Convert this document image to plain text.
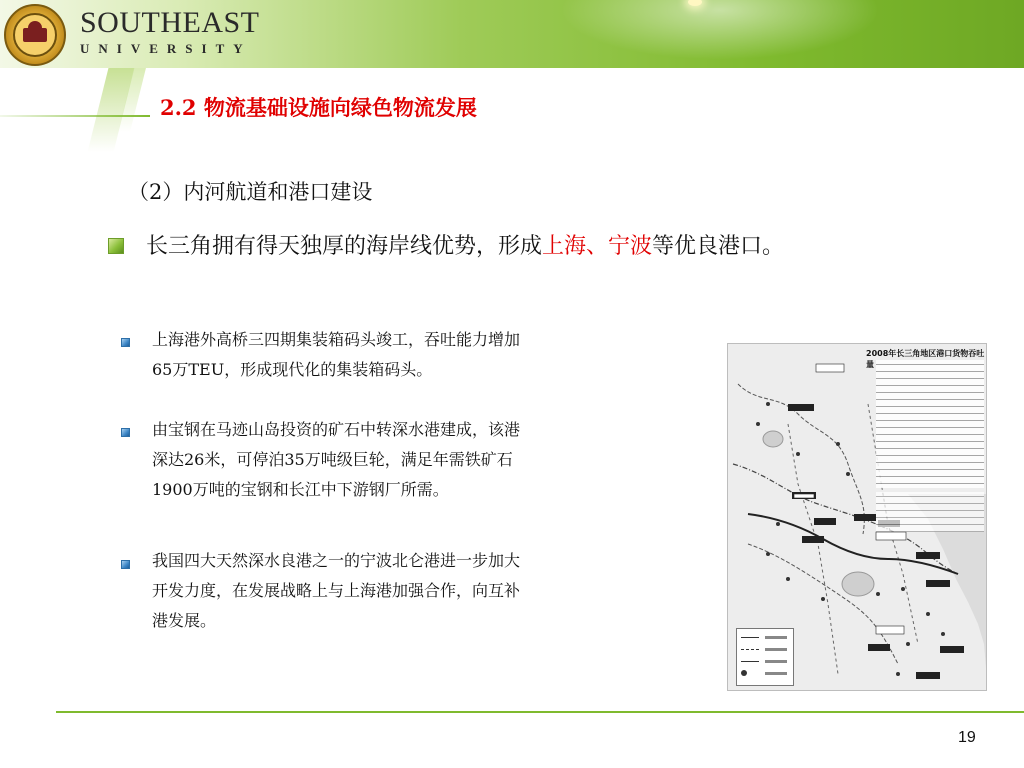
SOUTHEAST
UNIVERSITY
2.2 物流基础设施向绿色物流发展
（2）内河航道和港口建设
长三角拥有得天独厚的海岸线优势，形成上海、宁波等优良港口。
上海港外高桥三四期集装箱码头竣工，吞吐能力增加
65万TEU，形成现代化的集装箱码头。
由宝钢在马迹山岛投资的矿石中转深水港建成，该港
深达26米，可停泊35万吨级巨轮，满足年需铁矿石
1900万吨的宝钢和长江中下游钢厂所需。
我国四大天然深水良港之一的宁波北仑港进一步加大
开发力度，在发展战略上与上海港加强合作，向互补
港发展。
2008年长三角地区港口货物吞吐量
19
